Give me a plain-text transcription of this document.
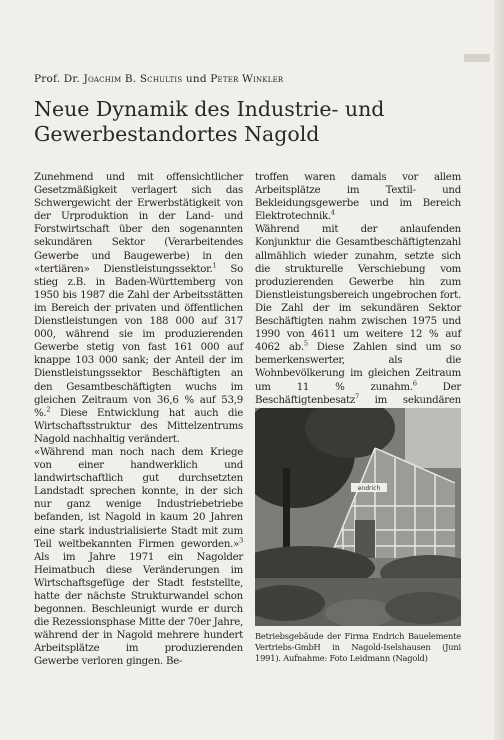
Prof. Dr. Joachim B. Schultis und Peter Winkler
Neue Dynamik des Industrie- und
Gewerbestandortes Nagold

Zunehmend und mit offensichtlicher Gesetzmäßigkeit verlagert sich das Schwergewicht der Erwerbstätigkeit von der Urproduktion in der Land- und Forstwirtschaft über den sogenannten sekundären Sektor (Verarbeitendes Gewerbe und Baugewerbe) in den «tertiären» Dienstleistungssektor.$^1$ So stieg z.B. in Baden-Württemberg von 1950 bis 1987 die Zahl der Arbeitsstätten im Bereich der privaten und öffentlichen Dienstleistungen von 188 000 auf 317 000, während sie im produzierenden Gewerbe stetig von fast 161 000 auf knappe 103 000 sank; der Anteil der im Dienstleistungssektor Beschäftigten an den Gesamtbeschäftigten wuchs im gleichen Zeitraum von 36,6 % auf 53,9 %.$^2$ Diese Entwicklung hat auch die Wirtschaftsstruktur des Mittelzentrums Nagold nachhaltig verändert.

«Während man noch nach dem Kriege von einer handwerklich und landwirtschaftlich gut durchsetzten Landstadt sprechen konnte, in der sich nur ganz wenige Industriebetriebe befanden, ist Nagold in kaum 20 Jahren eine stark industrialisierte Stadt mit zum Teil weltbekannten Firmen geworden.»$^3$ Als im Jahre 1971 ein Nagolder Heimatbuch diese Veränderungen im Wirtschaftsgefüge der Stadt feststellte, hatte der nächste Strukturwandel schon begonnen. Beschleunigt wurde er durch die Rezessionsphase Mitte der 70er Jahre, während der in Nagold mehrere hundert Arbeitsplätze im produzierenden Gewerbe verloren gingen. Be-

troffen waren damals vor allem Arbeitsplätze im Textil- und Bekleidungsgewerbe und im Bereich Elektrotechnik.$^4$

Während mit der anlaufenden Konjunktur die Gesamtbeschäftigtenzahl allmählich wieder zunahm, setzte sich die strukturelle Verschiebung vom produzierenden Gewerbe hin zum Dienstleistungsbereich ungebrochen fort. Die Zahl der im sekundären Sektor Beschäftigten nahm zwischen 1975 und 1990 von 4611 um weitere 12 % auf 4062 ab.$^5$ Diese Zahlen sind um so bemerkenswerter, als die Wohnbevölkerung im gleichen Zeitraum um 11 % zunahm.$^6$ Der Beschäftigtenbesatz$^7$ im sekundären

endrich
Betriebsgebäude der Firma Endrich Bauelemente Vertriebs-GmbH in Nagold-Iselshausen (Juni 1991). Aufnahme: Foto Leidmann (Nagold)
